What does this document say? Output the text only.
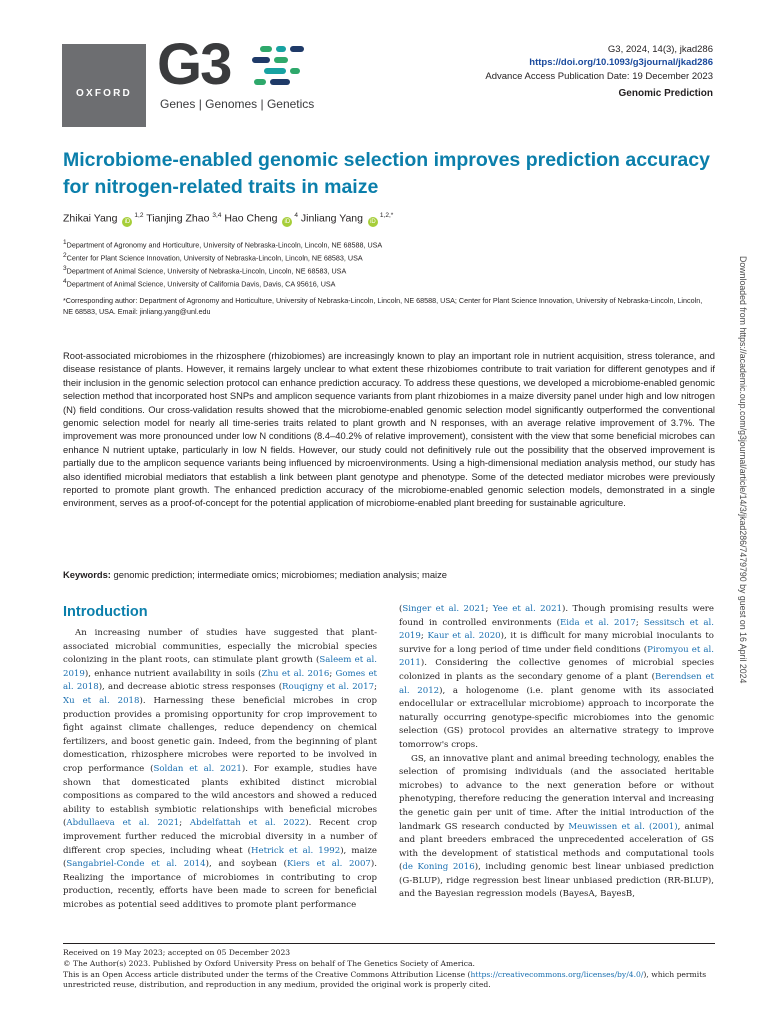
OXFORD G3
Genes | Genomes | Genetics
G3, 2024, 14(3), jkad286
https://doi.org/10.1093/g3journal/jkad286
Advance Access Publication Date: 19 December 2023
Genomic Prediction
Microbiome-enabled genomic selection improves prediction accuracy for nitrogen-related traits in maize
Zhikai Yang iD$^{1,2}$ Tianjing Zhao $^{3,4}$ Hao Cheng $iD^4$ Jinliang Yang $iD^{1,2,*}$
$^1$Department of Agronomy and Horticulture, University of Nebraska-Lincoln, Lincoln, NE 68588, USA
$^2$Center for Plant Science Innovation, University of Nebraska-Lincoln, Lincoln, NE 68583, USA
$^3$Department of Animal Science, University of Nebraska-Lincoln, Lincoln, NE 68583, USA
$^4$Department of Animal Science, University of California Davis, Davis, CA 95616, USA
*Corresponding author: Department of Agronomy and Horticulture, University of Nebraska-Lincoln, Lincoln, NE 68588, USA; Center for Plant Science Innovation, University of Nebraska-Lincoln, Lincoln, NE 68583, USA. Email: jinliang.yang@unl.edu
Root-associated microbiomes in the rhizosphere (rhizobiomes) are increasingly known to play an important role in nutrient acquisition, stress tolerance, and disease resistance of plants. However, it remains largely unclear to what extent these rhizobiomes contribute to trait variation for different genotypes and if their inclusion in the genomic selection protocol can enhance prediction accuracy. To address these questions, we developed a microbiome-enabled genomic selection method that incorporated host SNPs and amplicon sequence variants from plant rhizobiomes in a maize diversity panel under high and low nitrogen (N) field conditions. Our cross-validation results showed that the microbiome-enabled genomic selection model significantly outperformed the conventional genomic selection model for nearly all time-series traits related to plant growth and N responses, with an average relative improvement of 3.7%. The improvement was more pronounced under low N conditions (8.4–40.2% of relative improvement), consistent with the view that some beneficial microbes can enhance N nutrient uptake, particularly in low N fields. However, our study could not definitively rule out the possibility that the observed improvement is partially due to the amplicon sequence variants being influenced by microenvironments. Using a high-dimensional mediation analysis method, our study has also identified microbial mediators that establish a link between plant genotype and phenotype. Some of the detected mediator microbes were previously reported to promote plant growth. The enhanced prediction accuracy of the microbiome-enabled genomic selection models, demonstrated in a single environment, serves as a proof-of-concept for the potential application of microbiome-enabled plant breeding for sustainable agriculture.
Keywords: genomic prediction; intermediate omics; microbiomes; mediation analysis; maize
Introduction

An increasing number of studies have suggested that plant-associated microbial communities, especially the microbial species colonizing in the plant roots, can stimulate plant growth (Saleem et al. 2019), enhance nutrient availability in soils (Zhu et al. 2016; Gomes et al. 2018), and decrease abiotic stress responses (Rouqigny et al. 2017; Xu et al. 2018). Harnessing these beneficial microbes in crop production provides a promising opportunity for crop improvement to fight against climate challenges, reduce dependency on chemical fertilizers, and boost genetic gain. Indeed, from the beginning of plant domestication, rhizosphere microbes were reported to be involved in crop performance (Soldan et al. 2021). For example, studies have shown that domesticated plants exhibited distinct microbial compositions as compared to the wild ancestors and showed a reduced ability to establish symbiotic relationships with beneficial microbes (Abdullaeva et al. 2021; Abdelfattah et al. 2022). Recent crop improvement further reduced the microbial diversity in a number of different crop species, including wheat (Hetrick et al. 1992), maize (Sangabriel-Conde et al. 2014), and soybean (Kiers et al. 2007). Realizing the importance of microbiomes in contributing to crop production, recently, efforts have been made to screen for beneficial microbes as potential seed additives to promote plant performance

(Singer et al. 2021; Yee et al. 2021). Though promising results were found in controlled environments (Eida et al. 2017; Sessitsch et al. 2019; Kaur et al. 2020), it is difficult for many microbial inoculants to survive for a long period of time under field conditions (Piromyou et al. 2011). Considering the collective genomes of microbial species colonized in plants as the secondary genome of a plant (Berendsen et al. 2012), a hologenome (i.e. plant genome with its associated endocellular or extracellular microbiome) approach to incorporate the naturally occurring genotype-specific microbiomes into the genomic selection (GS) protocol provides an alternative strategy to improve tomorrow's crops.

GS, an innovative plant and animal breeding technology, enables the selection of promising individuals (and the associated heritable microbes) to advance to the next generation before or without phenotyping, therefore reducing the generation interval and increasing the genetic gain per unit of time. After the initial introduction of the landmark GS research conducted by Meuwissen et al. (2001), animal and plant breeders embraced the unprecedented acceleration of GS with the development of statistical methods and computational tools (de Koning 2016), including genomic best linear unbiased prediction (G-BLUP), ridge regression best linear unbiased prediction (RR-BLUP), and the Bayesian regression models (BayesA, BayesB,

Received on 19 May 2023; accepted on 05 December 2023
© The Author(s) 2023. Published by Oxford University Press on behalf of The Genetics Society of America.
This is an Open Access article distributed under the terms of the Creative Commons Attribution License (https://creativecommons.org/licenses/by/4.0/), which permits unrestricted reuse, distribution, and reproduction in any medium, provided the original work is properly cited.
Downloaded from https://academic.oup.com/g3journal/article/14/3/jkad286/7479790 by guest on 16 April 2024
